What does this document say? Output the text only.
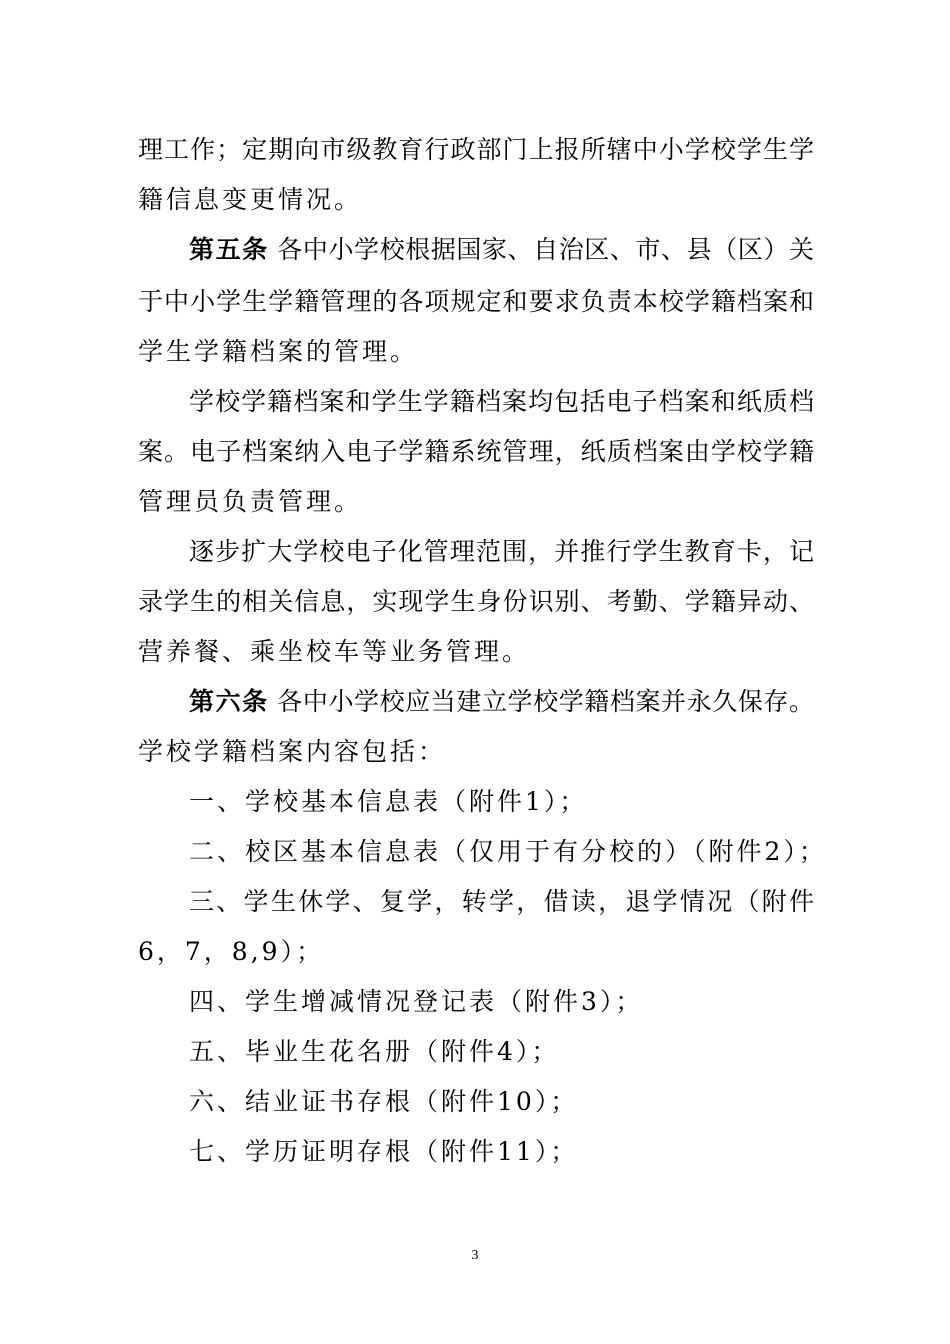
理工作；定期向市级教育行政部门上报所辖中小学校学生学
籍信息变更情况。
第五条 各中小学校根据国家、自治区、市、县（区）关
于中小学生学籍管理的各项规定和要求负责本校学籍档案和
学生学籍档案的管理。
学校学籍档案和学生学籍档案均包括电子档案和纸质档
案。电子档案纳入电子学籍系统管理，纸质档案由学校学籍
管理员负责管理。
逐步扩大学校电子化管理范围，并推行学生教育卡，记
录学生的相关信息，实现学生身份识别、考勤、学籍异动、
营养餐、乘坐校车等业务管理。
第六条 各中小学校应当建立学校学籍档案并永久保存。
学校学籍档案内容包括：
一、学校基本信息表（附件1）；
二、校区基本信息表（仅用于有分校的）（附件2）；
三、学生休学、复学，转学，借读，退学情况（附件
6，7，8,9）；
四、学生增减情况登记表（附件3）；
五、毕业生花名册（附件4）；
六、结业证书存根（附件10）；
七、学历证明存根（附件11）；
3
